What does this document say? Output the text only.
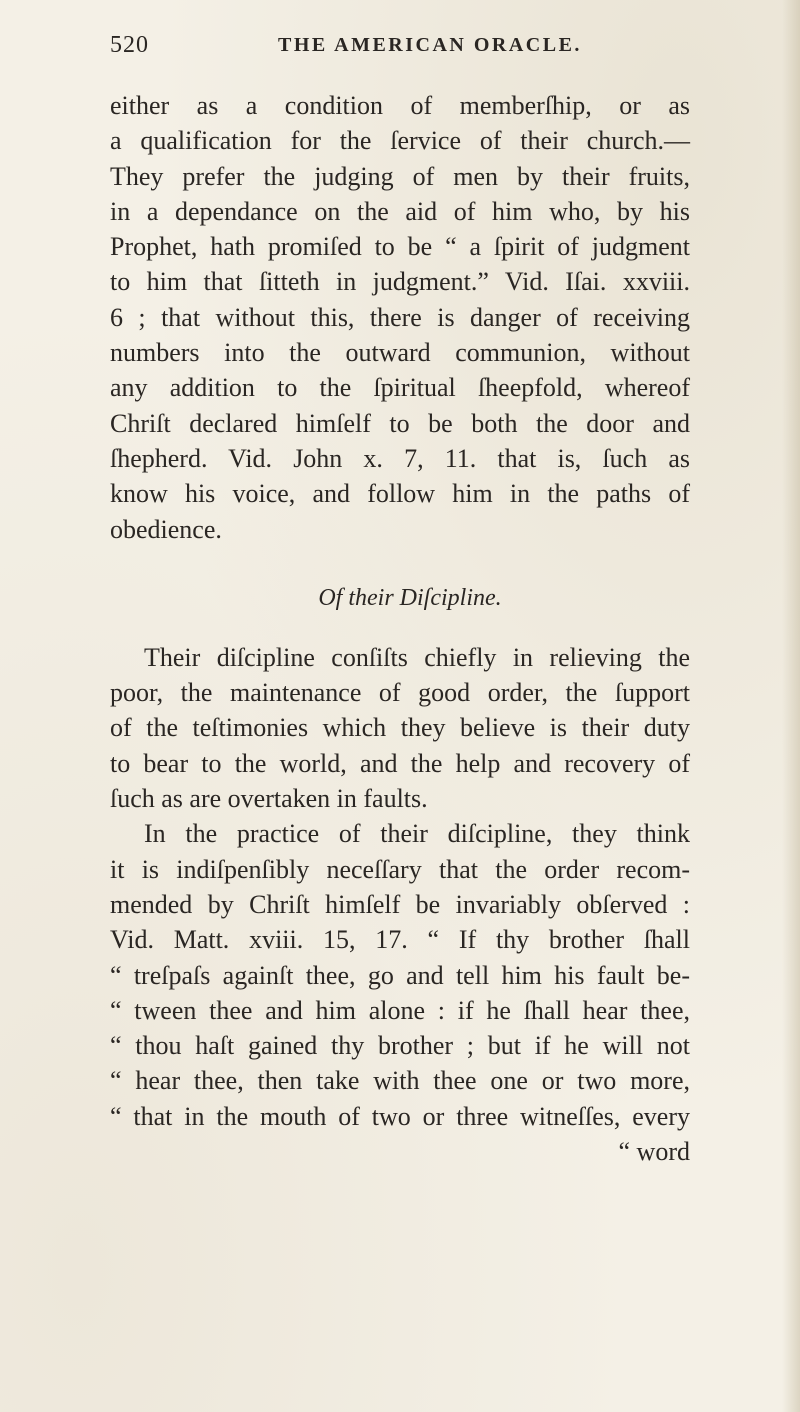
520	THE AMERICAN ORACLE.
either as a condition of memberſhip, or as
a qualification for the ſervice of their church.—
They prefer the judging of men by their fruits,
in a dependance on the aid of him who, by his
Prophet, hath promiſed to be “ a ſpirit of judgment
to him that ſitteth in judgment.” Vid. Iſai. xxviii.
6 ; that without this, there is danger of receiving
numbers into the outward communion, without
any addition to the ſpiritual ſheepfold, whereof
Chriſt declared himſelf to be both the door and
ſhepherd. Vid. John x. 7, 11. that is, ſuch as
know his voice, and follow him in the paths of
obedience.
Of their Diſcipline.
Their diſcipline conſiſts chiefly in relieving the
poor, the maintenance of good order, the ſupport
of the teſtimonies which they believe is their duty
to bear to the world, and the help and recovery of
ſuch as are overtaken in faults.
In the practice of their diſcipline, they think
it is indiſpenſibly neceſſary that the order recom-
mended by Chriſt himſelf be invariably obſerved :
Vid. Matt. xviii. 15, 17. “ If thy brother ſhall
“ treſpaſs againſt thee, go and tell him his fault be-
“ tween thee and him alone : if he ſhall hear thee,
“ thou haſt gained thy brother ; but if he will not
“ hear thee, then take with thee one or two more,
“ that in the mouth of two or three witneſſes, every
“ word
